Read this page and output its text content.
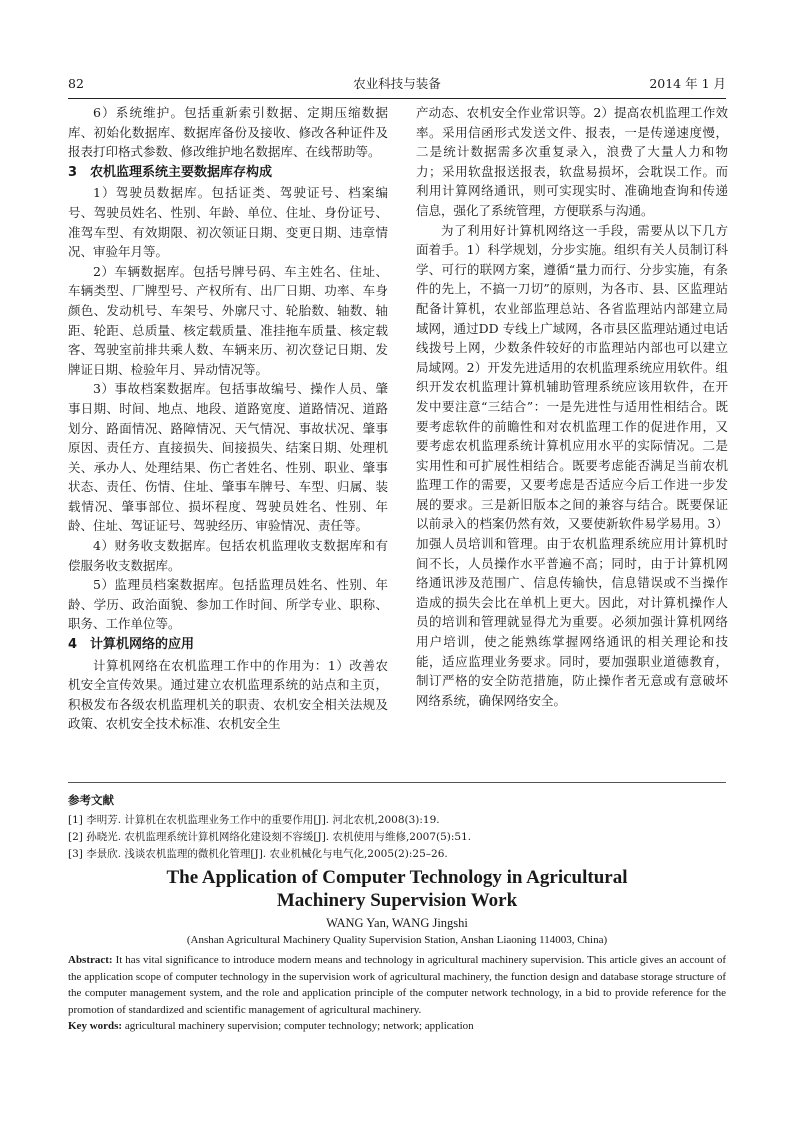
82	农业科技与装备	2014 年 1 月

6）系统维护。包括重新索引数据、定期压缩数据库、初始化数据库、数据库备份及接收、修改各种证件及报表打印格式参数、修改维护地名数据库、在线帮助等。

3 农机监理系统主要数据库存构成

1）驾驶员数据库。包括证类、驾驶证号、档案编号、驾驶员姓名、性别、年龄、单位、住址、身份证号、准驾车型、有效期限、初次领证日期、变更日期、违章情况、审验年月等。

2）车辆数据库。包括号牌号码、车主姓名、住址、车辆类型、厂牌型号、产权所有、出厂日期、功率、车身颜色、发动机号、车架号、外廓尺寸、轮胎数、轴数、轴距、轮距、总质量、核定载质量、准挂拖车质量、核定载客、驾驶室前排共乘人数、车辆来历、初次登记日期、发牌证日期、检验年月、异动情况等。

3）事故档案数据库。包括事故编号、操作人员、肇事日期、时间、地点、地段、道路宽度、道路情况、道路划分、路面情况、路障情况、天气情况、事故状况、肇事原因、责任方、直接损失、间接损失、结案日期、处理机关、承办人、处理结果、伤亡者姓名、性别、职业、肇事状态、责任、伤情、住址、肇事车牌号、车型、归属、装载情况、肇事部位、损坏程度、驾驶员姓名、性别、年龄、住址、驾证证号、驾驶经历、审验情况、责任等。

4）财务收支数据库。包括农机监理收支数据库和有偿服务收支数据库。

5）监理员档案数据库。包括监理员姓名、性别、年龄、学历、政治面貌、参加工作时间、所学专业、职称、职务、工作单位等。

4 计算机网络的应用

计算机网络在农机监理工作中的作用为：1）改善农机安全宣传效果。通过建立农机监理系统的站点和主页，积极发布各级农机监理机关的职责、农机安全相关法规及政策、农机安全技术标准、农机安全生

产动态、农机安全作业常识等。2）提高农机监理工作效率。采用信函形式发送文件、报表，一是传递速度慢，二是统计数据需多次重复录入，浪费了大量人力和物力；采用软盘报送报表，软盘易损坏，会耽误工作。而利用计算网络通讯，则可实现实时、准确地查询和传递信息，强化了系统管理，方便联系与沟通。

为了利用好计算机网络这一手段，需要从以下几方面着手。1）科学规划，分步实施。组织有关人员制订科学、可行的联网方案，遵循“量力而行、分步实施，有条件的先上，不搞一刀切”的原则，为各市、县、区监理站配备计算机，农业部监理总站、各省监理站内部建立局域网，通过DD 专线上广域网，各市县区监理站通过电话线拨号上网，少数条件较好的市监理站内部也可以建立局域网。2）开发先进适用的农机监理系统应用软件。组织开发农机监理计算机辅助管理系统应该用软件，在开发中要注意“三结合”：一是先进性与适用性相结合。既要考虑软件的前瞻性和对农机监理工作的促进作用，又要考虑农机监理系统计算机应用水平的实际情况。二是实用性和可扩展性相结合。既要考虑能否满足当前农机监理工作的需要，又要考虑是否适应今后工作进一步发展的要求。三是新旧版本之间的兼容与结合。既要保证以前录入的档案仍然有效，又要使新软件易学易用。3）加强人员培训和管理。由于农机监理系统应用计算机时间不长，人员操作水平普遍不高；同时，由于计算机网络通讯涉及范围广、信息传输快，信息错误或不当操作造成的损失会比在单机上更大。因此，对计算机操作人员的培训和管理就显得尤为重要。必须加强计算机网络用户培训，使之能熟练掌握网络通讯的相关理论和技能，适应监理业务要求。同时，要加强职业道德教育，制订严格的安全防范措施，防止操作者无意或有意破坏网络系统，确保网络安全。

参考文献
[1] 李明芳. 计算机在农机监理业务工作中的重要作用[J]. 河北农机,2008(3):19.
[2] 孙晓光. 农机监理系统计算机网络化建设刻不容缓[J]. 农机使用与维修,2007(5):51.
[3] 李景欣. 浅谈农机监理的微机化管理[J]. 农业机械化与电气化,2005(2):25–26.
The Application of Computer Technology in Agricultural
Machinery Supervision Work
WANG Yan, WANG Jingshi
(Anshan Agricultural Machinery Quality Supervision Station, Anshan Liaoning 114003, China)
Abstract: It has vital significance to introduce modern means and technology in agricultural machinery supervision. This article gives an account of the application scope of computer technology in the supervision work of agricultural machinery, the function design and database storage structure of the computer management system, and the role and application principle of the computer network technology, in a bid to provide reference for the promotion of standardized and scientific management of agricultural machinery.
Key words: agricultural machinery supervision; computer technology; network; application
